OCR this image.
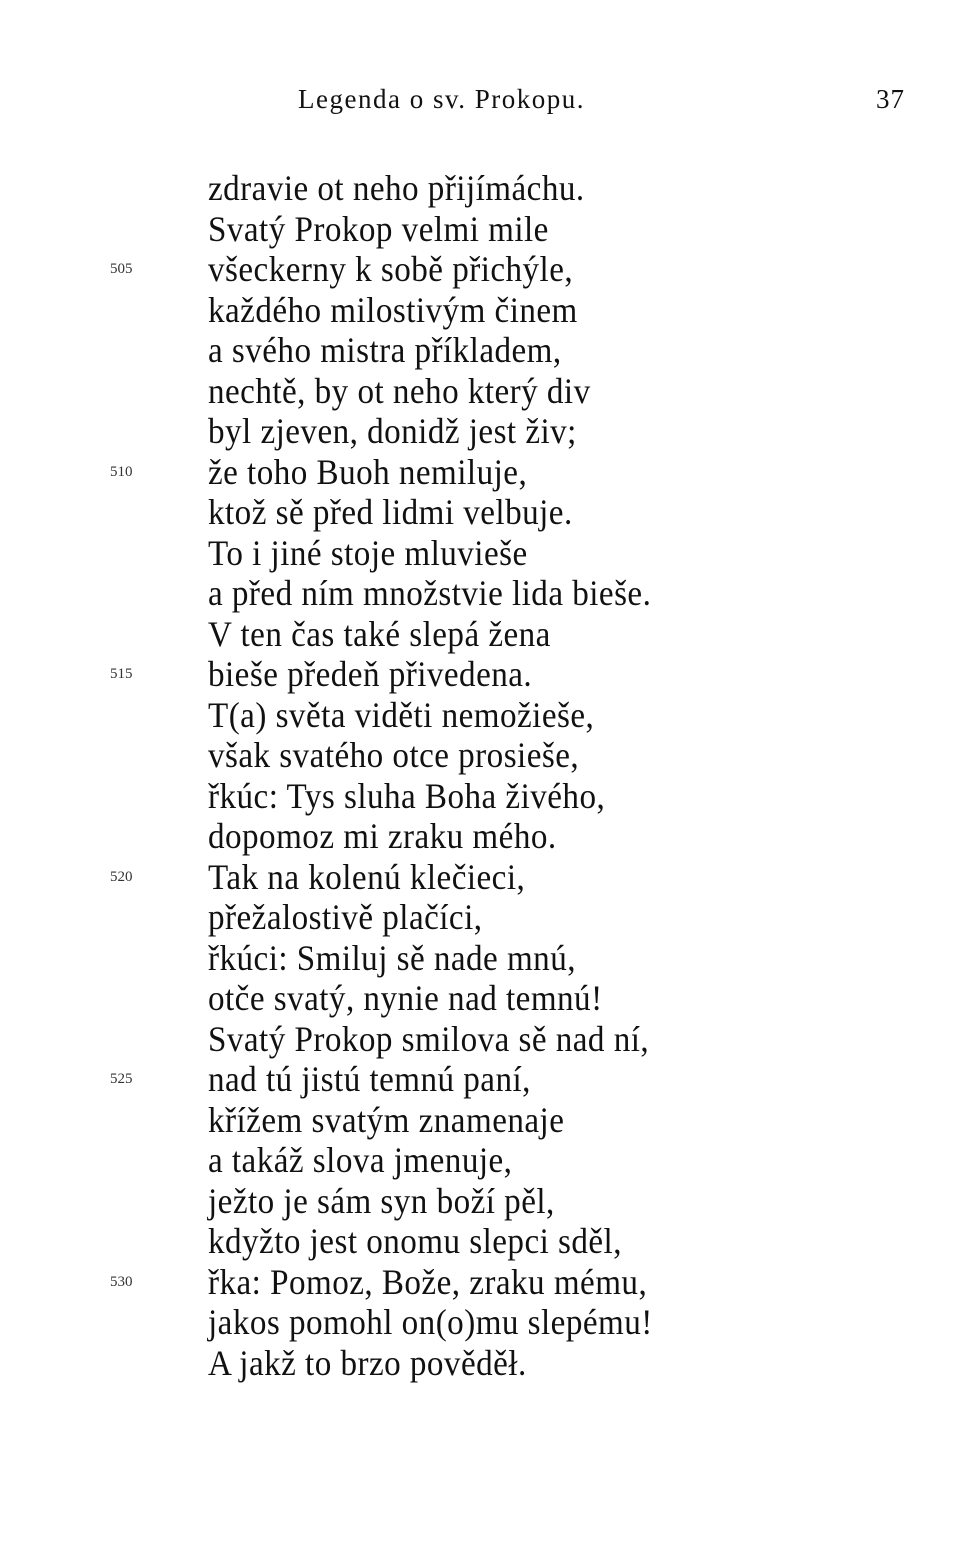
Legenda o sv. Prokopu.	37
505
510
515
520
525
530
zdravie ot neho přijímáchu.
Svatý Prokop velmi mile
všeckerny k sobě přichýle,
každého milostivým činem
a svého mistra příkladem,
nechtě, by ot neho který div
byl zjeven, donidž jest živ;
že toho Buoh nemiluje,
ktož sě před lidmi velbuje.
To i jiné stoje mluvieše
a před ním množstvie lida bieše.
V ten čas také slepá žena
bieše předeň přivedena.
T(a) světa viděti nemožieše,
však svatého otce prosieše,
řkúc: Tys sluha Boha živého,
dopomoz mi zraku mého.
Tak na kolenú klečieci,
přežalostivě plačíci,
řkúci: Smiluj sě nade mnú,
otče svatý, nynie nad temnú!
Svatý Prokop smilova sě nad ní,
nad tú jistú temnú paní,
křížem svatým znamenaje
a takáž slova jmenuje,
ježto je sám syn boží pěl,
kdyžto jest onomu slepci sděl,
řka: Pomoz, Bože, zraku mému,
jakos pomohl on(o)mu slepému!
A jakž to brzo pověděł.
